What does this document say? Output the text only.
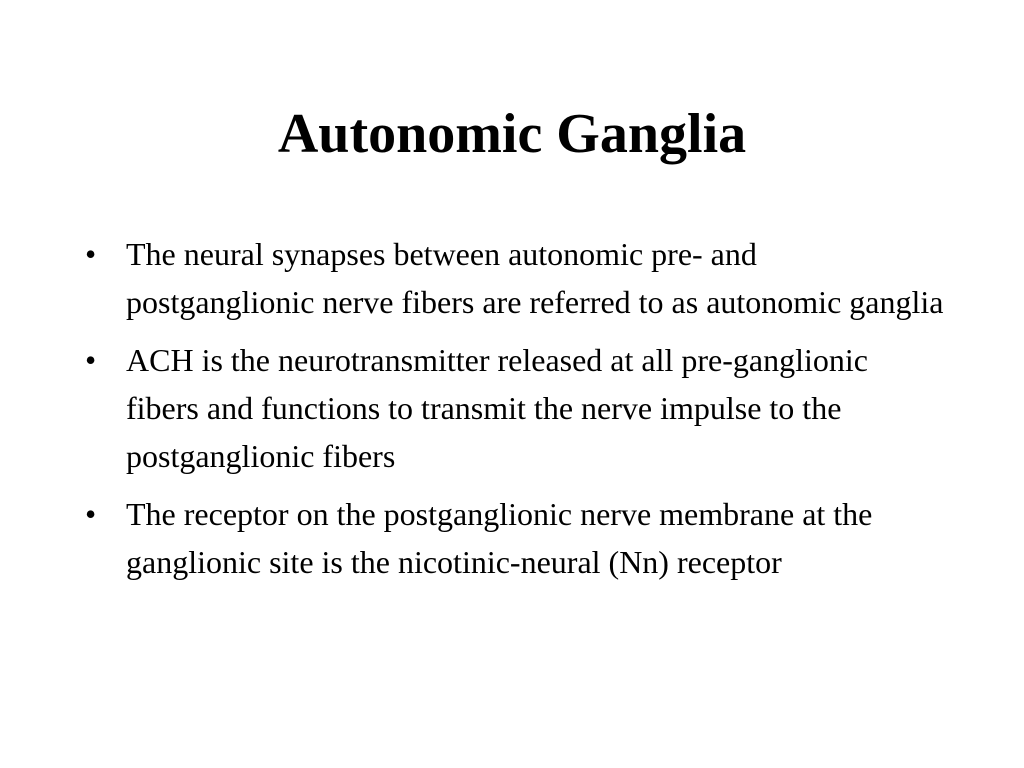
Autonomic Ganglia
• The neural synapses between autonomic pre- and postganglionic nerve fibers are referred to as autonomic ganglia
• ACH is the neurotransmitter released at all pre-ganglionic fibers and functions to transmit the nerve impulse to the postganglionic fibers
• The receptor on the postganglionic nerve membrane at the ganglionic site is the nicotinic-neural (Nn) receptor
